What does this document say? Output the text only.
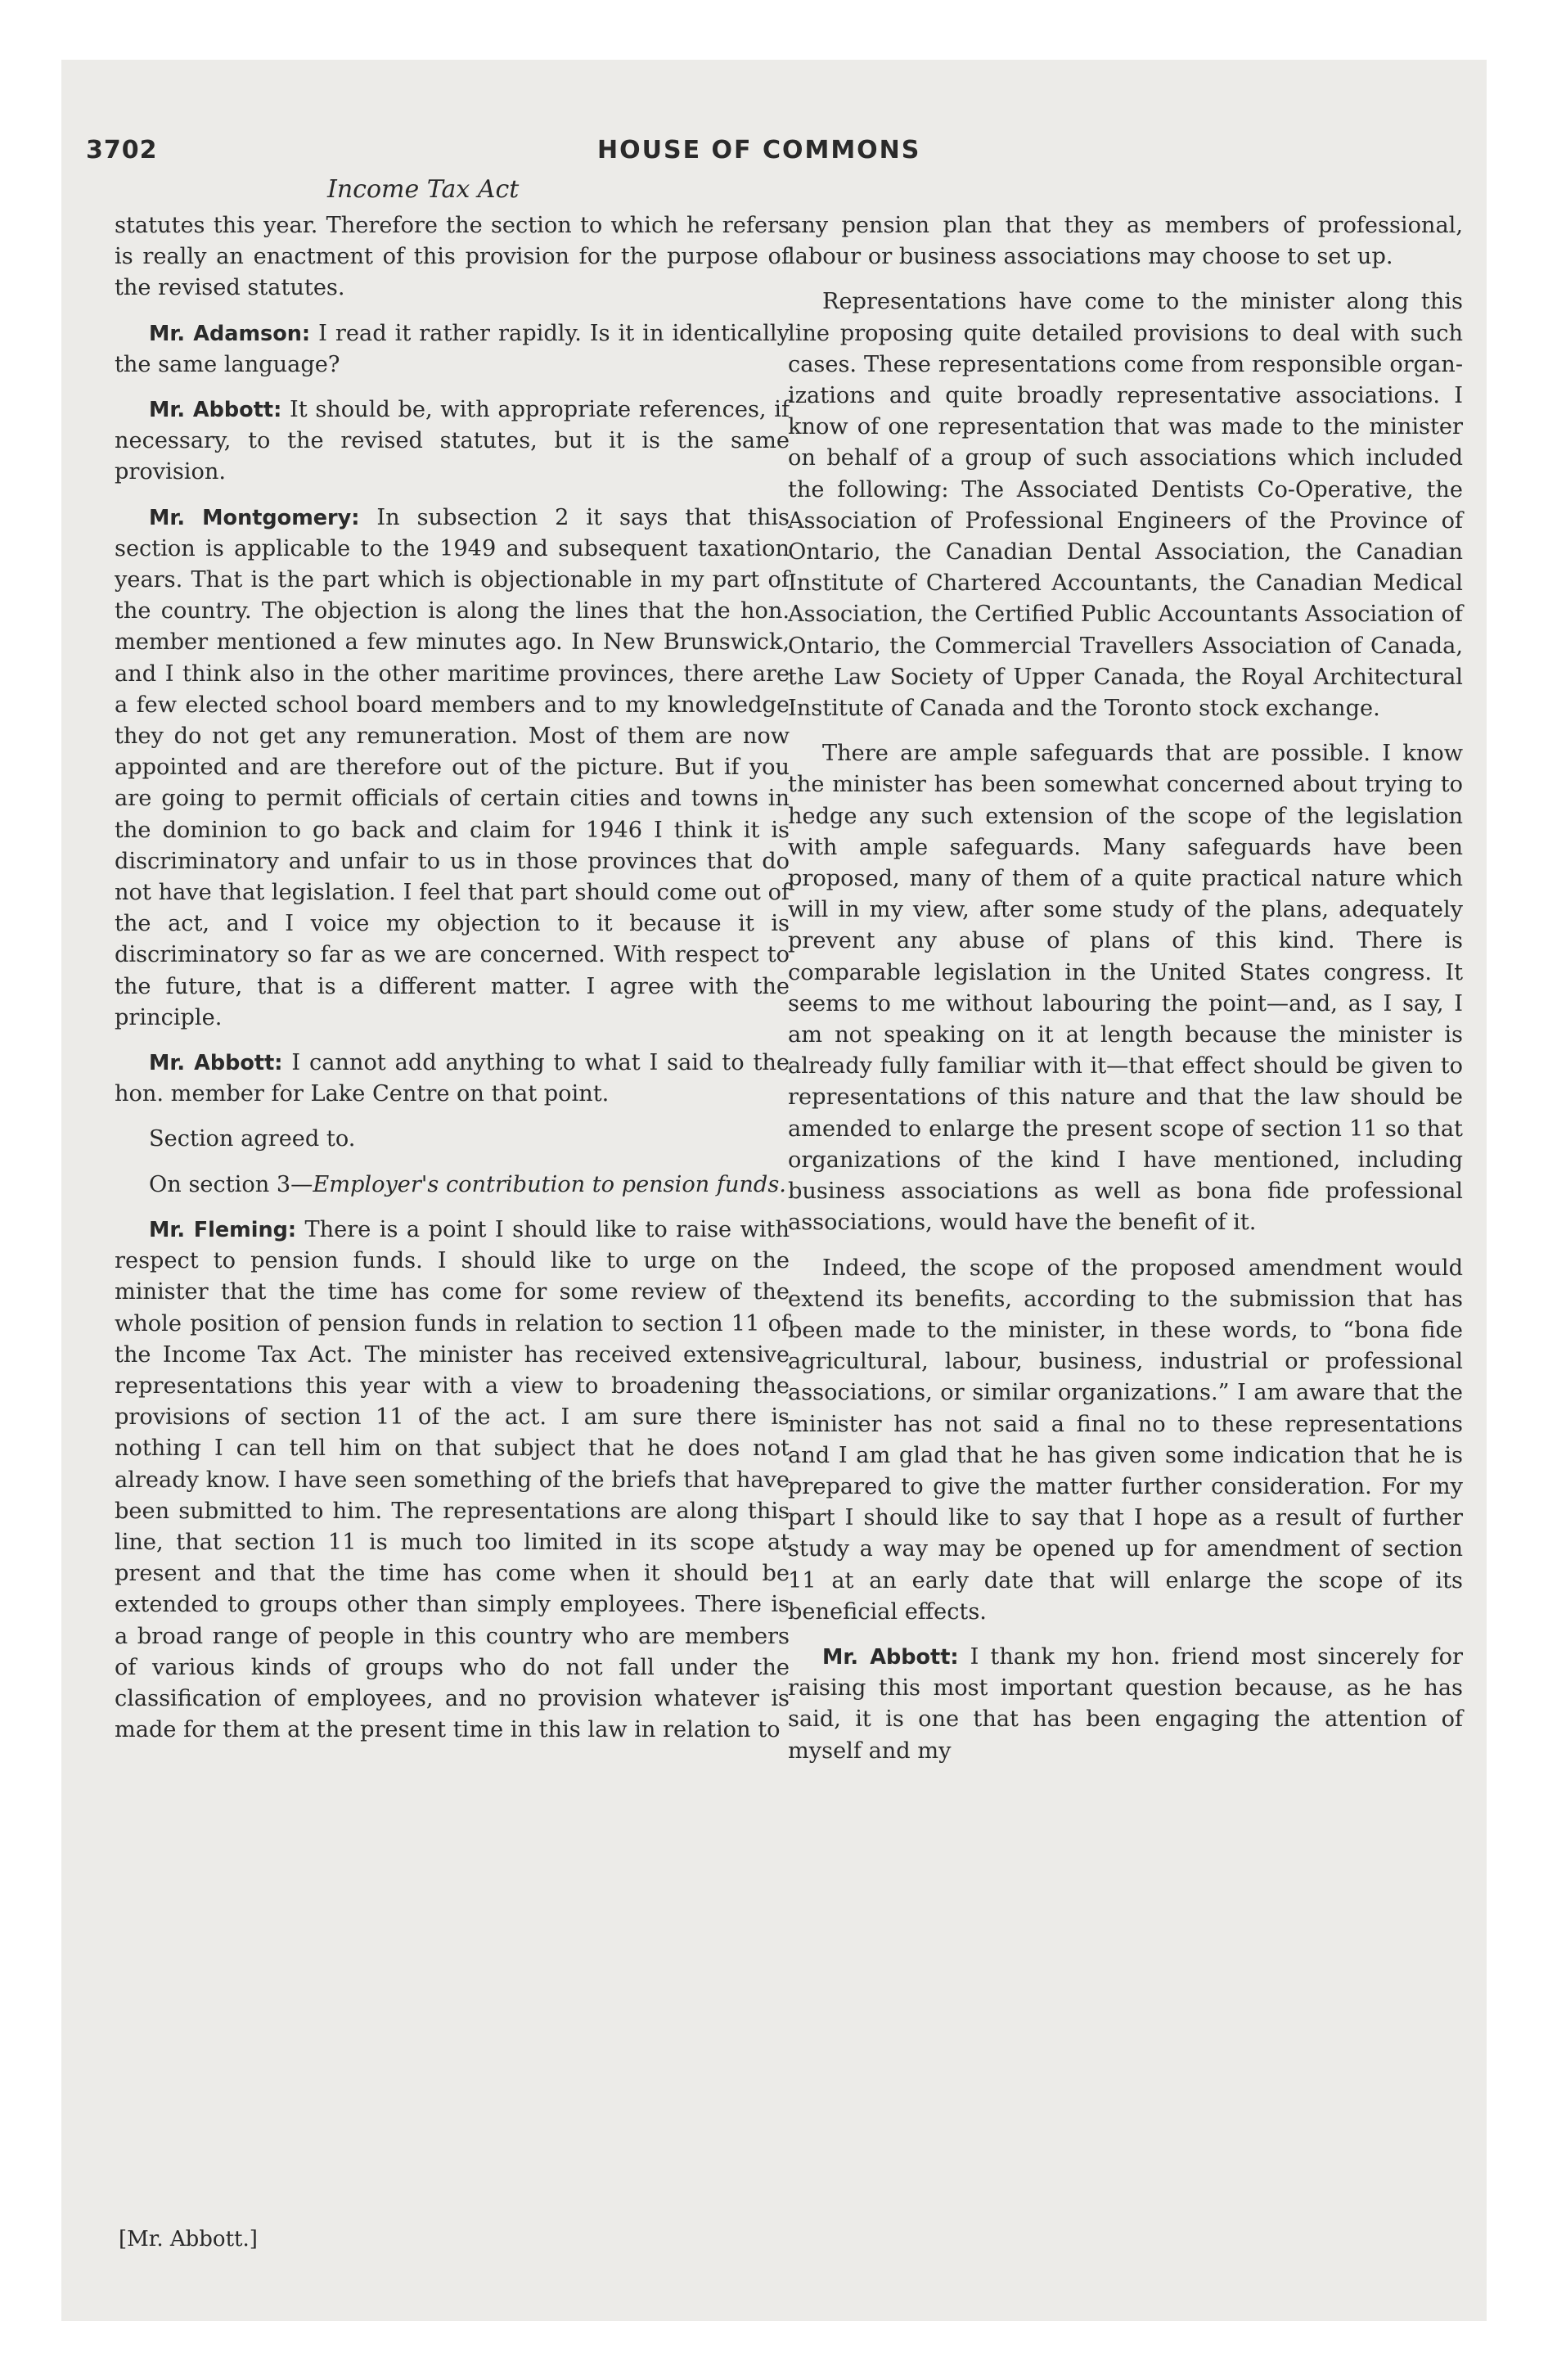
3702	HOUSE OF COMMONS
Income Tax Act

statutes this year. Therefore the section to which he refers is really an enactment of this provision for the purpose of the revised statutes.

Mr. Adamson: I read it rather rapidly. Is it in identically the same language?

Mr. Abbott: It should be, with appropriate references, if necessary, to the revised statutes, but it is the same provision.

Mr. Montgomery: In subsection 2 it says that this section is applicable to the 1949 and subsequent taxation years. That is the part which is objectionable in my part of the country. The objection is along the lines that the hon. member mentioned a few minutes ago. In New Brunswick, and I think also in the other maritime provinces, there are a few elected school board members and to my knowledge they do not get any remuneration. Most of them are now appointed and are therefore out of the picture. But if you are going to permit officials of certain cities and towns in the dominion to go back and claim for 1946 I think it is discriminatory and unfair to us in those provinces that do not have that legislation. I feel that part should come out of the act, and I voice my objection to it because it is discriminatory so far as we are concerned. With respect to the future, that is a different matter. I agree with the principle.

Mr. Abbott: I cannot add anything to what I said to the hon. member for Lake Centre on that point.

Section agreed to.

On section 3—Employer's contribution to pension funds.

Mr. Fleming: There is a point I should like to raise with respect to pension funds. I should like to urge on the minister that the time has come for some review of the whole position of pension funds in relation to section 11 of the Income Tax Act. The minister has received extensive representations this year with a view to broadening the provisions of section 11 of the act. I am sure there is nothing I can tell him on that subject that he does not already know. I have seen something of the briefs that have been submitted to him. The representations are along this line, that section 11 is much too limited in its scope at present and that the time has come when it should be extended to groups other than simply employees. There is a broad range of people in this country who are members of various kinds of groups who do not fall under the classification of employees, and no provision whatever is made for them at the present time in this law in relation to

any pension plan that they as members of professional, labour or business associations may choose to set up.

Representations have come to the minister along this line proposing quite detailed provisions to deal with such cases. These representations come from responsible organizations and quite broadly representative associations. I know of one representation that was made to the minister on behalf of a group of such associations which included the following: The Associated Dentists Co-Operative, the Association of Professional Engineers of the Province of Ontario, the Canadian Dental Association, the Canadian Institute of Chartered Accountants, the Canadian Medical Association, the Certified Public Accountants Association of Ontario, the Commercial Travellers Association of Canada, the Law Society of Upper Canada, the Royal Architectural Institute of Canada and the Toronto stock exchange.

There are ample safeguards that are possible. I know the minister has been somewhat concerned about trying to hedge any such extension of the scope of the legislation with ample safeguards. Many safeguards have been proposed, many of them of a quite practical nature which will in my view, after some study of the plans, adequately prevent any abuse of plans of this kind. There is comparable legislation in the United States congress. It seems to me without labouring the point—and, as I say, I am not speaking on it at length because the minister is already fully familiar with it—that effect should be given to representations of this nature and that the law should be amended to enlarge the present scope of section 11 so that organizations of the kind I have mentioned, including business associations as well as bona fide professional associations, would have the benefit of it.

Indeed, the scope of the proposed amendment would extend its benefits, according to the submission that has been made to the minister, in these words, to “bona fide agricultural, labour, business, industrial or professional associations, or similar organizations.” I am aware that the minister has not said a final no to these representations and I am glad that he has given some indication that he is prepared to give the matter further consideration. For my part I should like to say that I hope as a result of further study a way may be opened up for amendment of section 11 at an early date that will enlarge the scope of its beneficial effects.

Mr. Abbott: I thank my hon. friend most sincerely for raising this most important question because, as he has said, it is one that has been engaging the attention of myself and my

[Mr. Abbott.]
